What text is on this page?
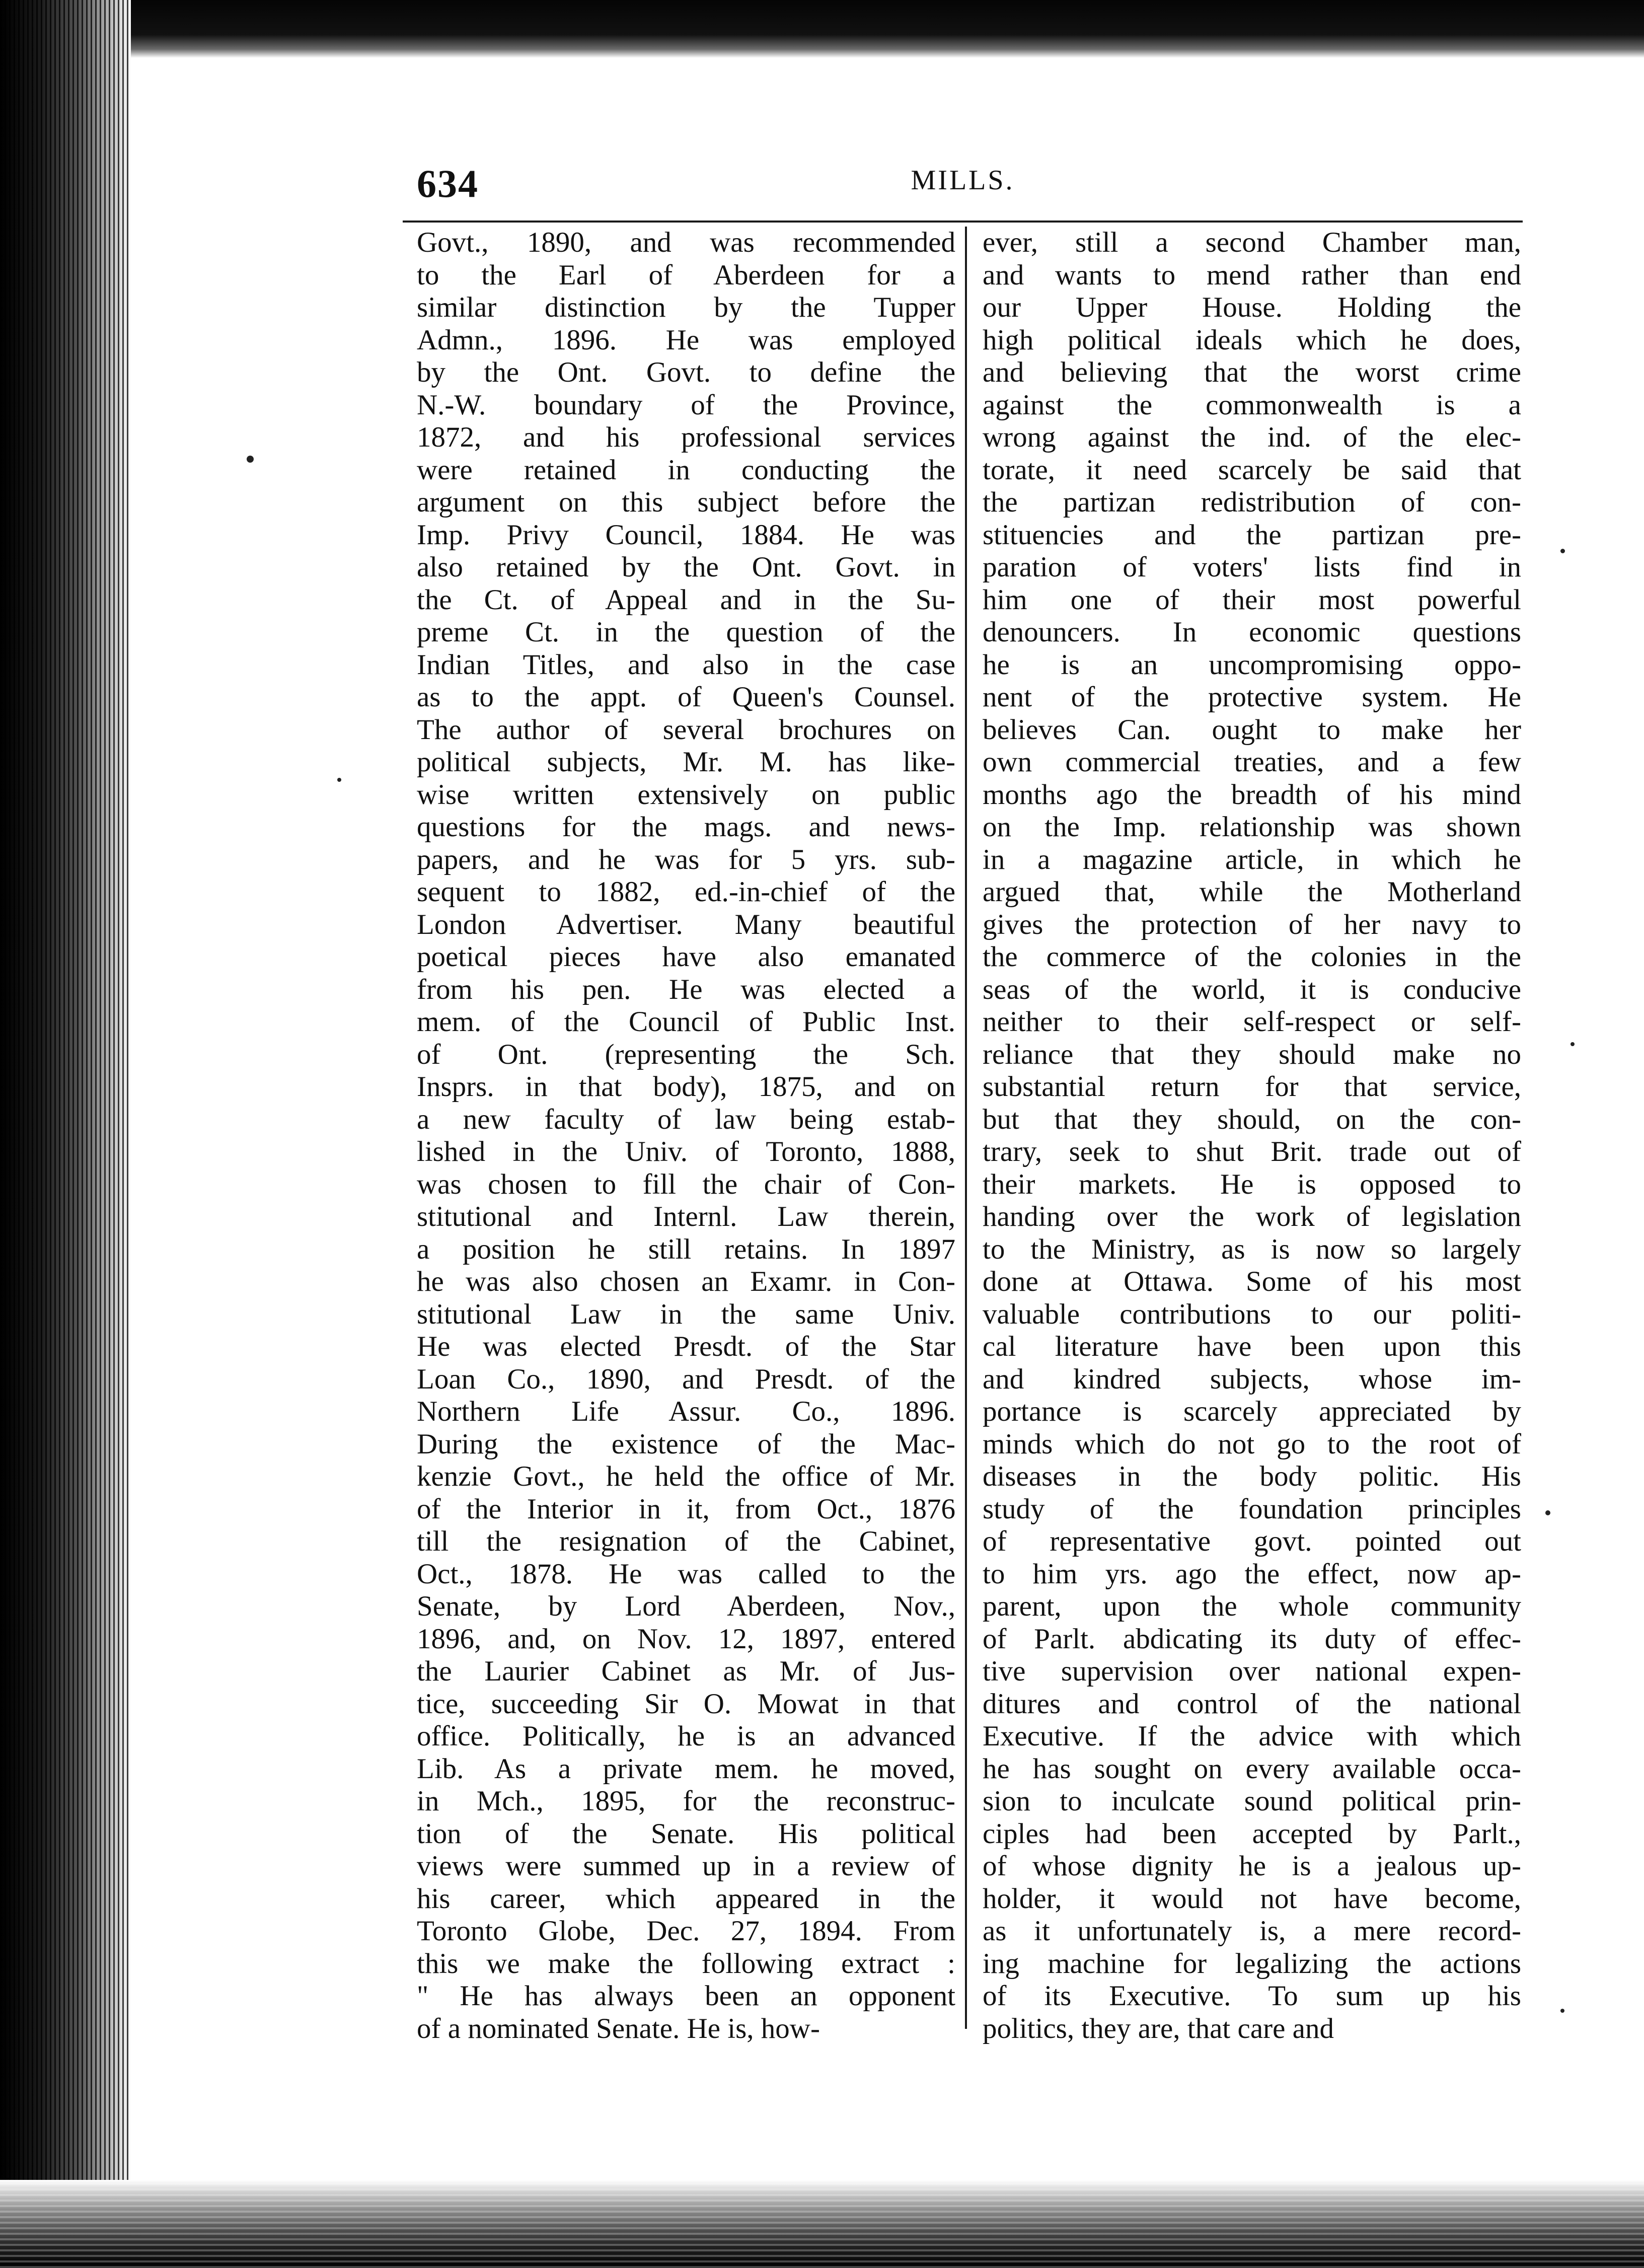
634	MILLS.
Govt., 1890, and was recommended
to the Earl of Aberdeen for a
similar distinction by the Tupper
Admn., 1896. He was employed
by the Ont. Govt. to define the
N.-W. boundary of the Province,
1872, and his professional services
were retained in conducting the
argument on this subject before the
Imp. Privy Council, 1884. He was
also retained by the Ont. Govt. in
the Ct. of Appeal and in the Su-
preme Ct. in the question of the
Indian Titles, and also in the case
as to the appt. of Queen's Counsel.
The author of several brochures on
political subjects, Mr. M. has like-
wise written extensively on public
questions for the mags. and news-
papers, and he was for 5 yrs. sub-
sequent to 1882, ed.-in-chief of the
London Advertiser. Many beautiful
poetical pieces have also emanated
from his pen. He was elected a
mem. of the Council of Public Inst.
of Ont. (representing the Sch.
Insprs. in that body), 1875, and on
a new faculty of law being estab-
lished in the Univ. of Toronto, 1888,
was chosen to fill the chair of Con-
stitutional and Internl. Law therein,
a position he still retains. In 1897
he was also chosen an Examr. in Con-
stitutional Law in the same Univ.
He was elected Presdt. of the Star
Loan Co., 1890, and Presdt. of the
Northern Life Assur. Co., 1896.
During the existence of the Mac-
kenzie Govt., he held the office of Mr.
of the Interior in it, from Oct., 1876
till the resignation of the Cabinet,
Oct., 1878. He was called to the
Senate, by Lord Aberdeen, Nov.,
1896, and, on Nov. 12, 1897, entered
the Laurier Cabinet as Mr. of Jus-
tice, succeeding Sir O. Mowat in that
office. Politically, he is an advanced
Lib. As a private mem. he moved,
in Mch., 1895, for the reconstruc-
tion of the Senate. His political
views were summed up in a review of
his career, which appeared in the
Toronto Globe, Dec. 27, 1894. From
this we make the following extract :
" He has always been an opponent
of a nominated Senate. He is, how-
ever, still a second Chamber man,
and wants to mend rather than end
our Upper House. Holding the
high political ideals which he does,
and believing that the worst crime
against the commonwealth is a
wrong against the ind. of the elec-
torate, it need scarcely be said that
the partizan redistribution of con-
stituencies and the partizan pre-
paration of voters' lists find in
him one of their most powerful
denouncers. In economic questions
he is an uncompromising oppo-
nent of the protective system. He
believes Can. ought to make her
own commercial treaties, and a few
months ago the breadth of his mind
on the Imp. relationship was shown
in a magazine article, in which he
argued that, while the Motherland
gives the protection of her navy to
the commerce of the colonies in the
seas of the world, it is conducive
neither to their self-respect or self-
reliance that they should make no
substantial return for that service,
but that they should, on the con-
trary, seek to shut Brit. trade out of
their markets. He is opposed to
handing over the work of legislation
to the Ministry, as is now so largely
done at Ottawa. Some of his most
valuable contributions to our politi-
cal literature have been upon this
and kindred subjects, whose im-
portance is scarcely appreciated by
minds which do not go to the root of
diseases in the body politic. His
study of the foundation principles
of representative govt. pointed out
to him yrs. ago the effect, now ap-
parent, upon the whole community
of Parlt. abdicating its duty of effec-
tive supervision over national expen-
ditures and control of the national
Executive. If the advice with which
he has sought on every available occa-
sion to inculcate sound political prin-
ciples had been accepted by Parlt.,
of whose dignity he is a jealous up-
holder, it would not have become,
as it unfortunately is, a mere record-
ing machine for legalizing the actions
of its Executive. To sum up his
politics, they are, that care and
